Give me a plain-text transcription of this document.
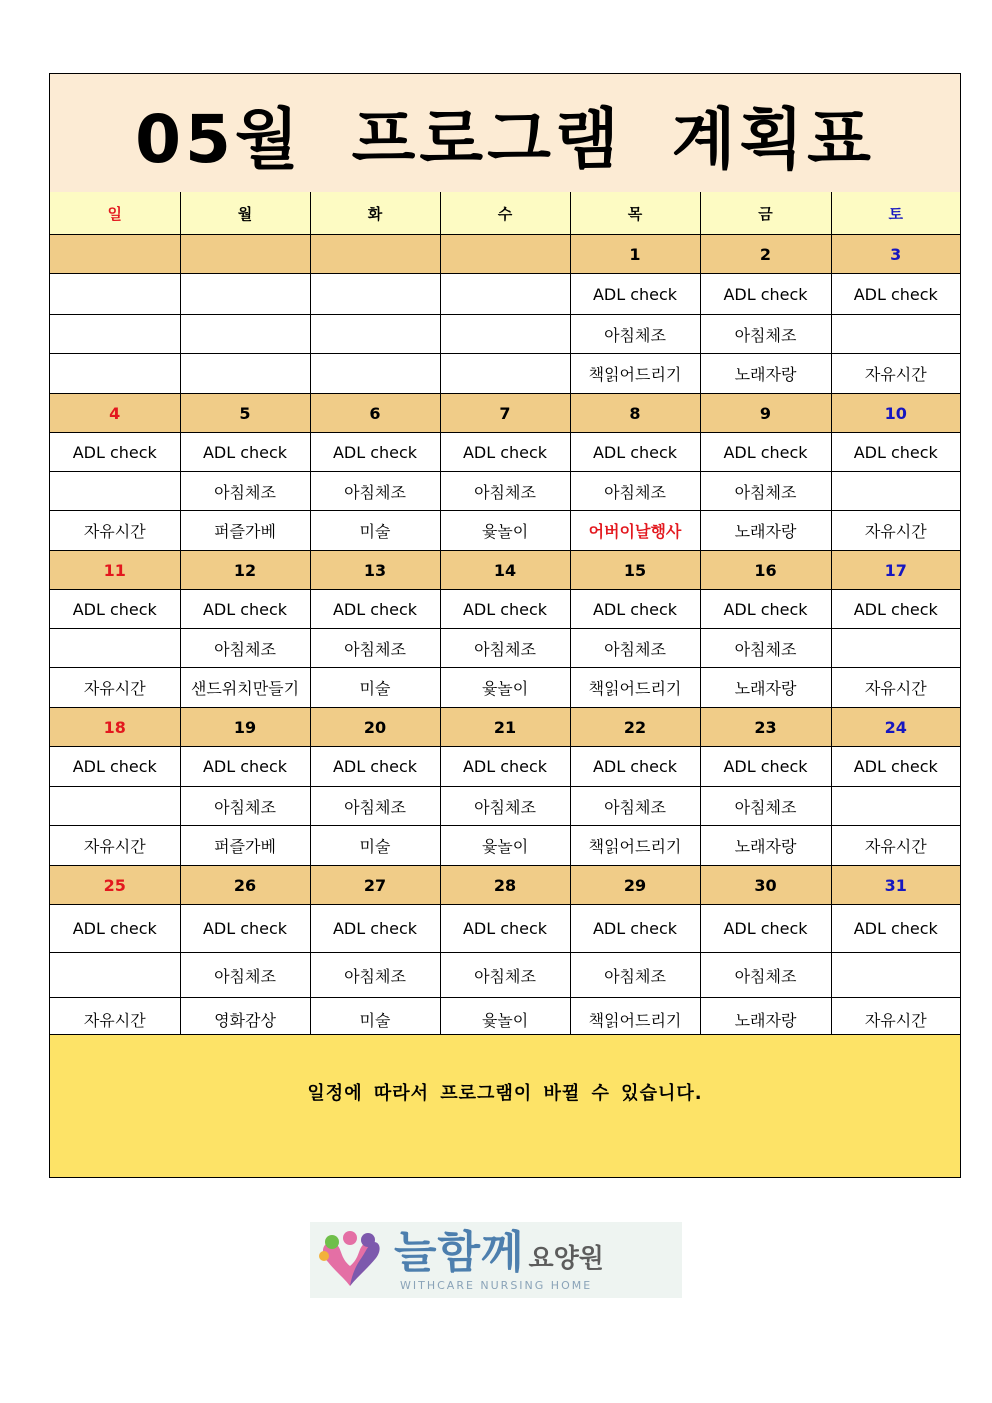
05월 프로그램 계획표
일	월	화	수	목	금	토
				1	2	3
				ADL check	ADL check	ADL check
				아침체조	아침체조	
				책읽어드리기	노래자랑	자유시간
4	5	6	7	8	9	10
ADL check	ADL check	ADL check	ADL check	ADL check	ADL check	ADL check
	아침체조	아침체조	아침체조	아침체조	아침체조	
자유시간	퍼즐가베	미술	윷놀이	어버이날행사	노래자랑	자유시간
11	12	13	14	15	16	17
ADL check	ADL check	ADL check	ADL check	ADL check	ADL check	ADL check
	아침체조	아침체조	아침체조	아침체조	아침체조	
자유시간	샌드위치만들기	미술	윷놀이	책읽어드리기	노래자랑	자유시간
18	19	20	21	22	23	24
ADL check	ADL check	ADL check	ADL check	ADL check	ADL check	ADL check
	아침체조	아침체조	아침체조	아침체조	아침체조	
자유시간	퍼즐가베	미술	윷놀이	책읽어드리기	노래자랑	자유시간
25	26	27	28	29	30	31
ADL check	ADL check	ADL check	ADL check	ADL check	ADL check	ADL check
	아침체조	아침체조	아침체조	아침체조	아침체조	
자유시간	영화감상	미술	윷놀이	책읽어드리기	노래자랑	자유시간
일정에 따라서 프로그램이 바뀔 수 있습니다.
늘함께 요양원
WITHCARE NURSING HOME
